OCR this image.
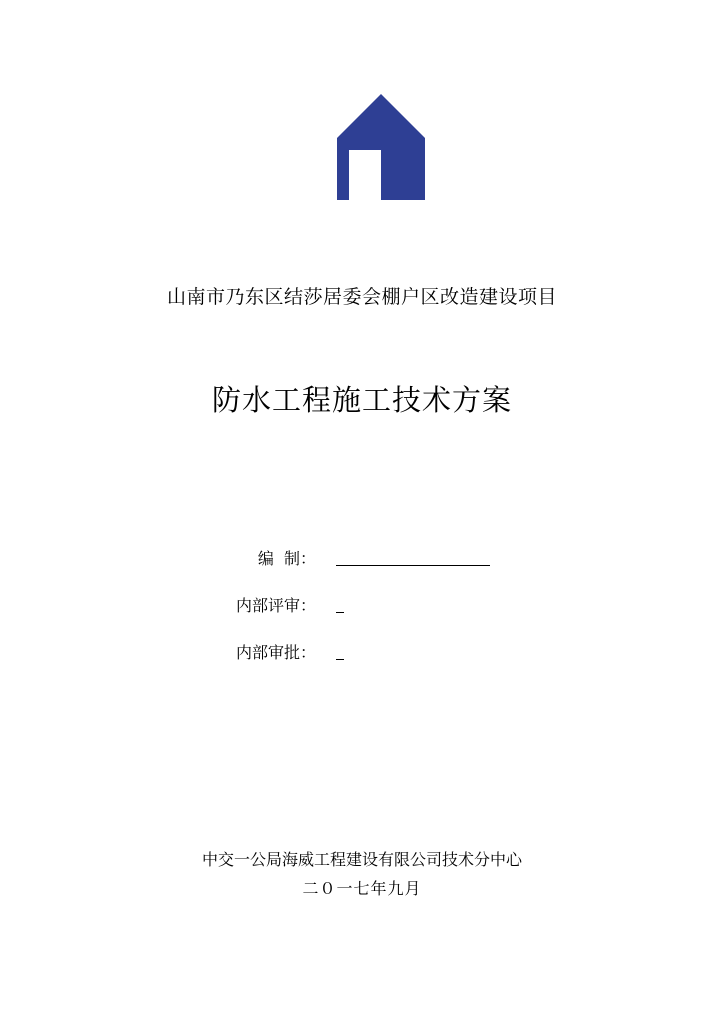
山南市乃东区结莎居委会棚户区改造建设项目
防水工程施工技术方案
编  制：
内部评审：
内部审批：
中交一公局海威工程建设有限公司技术分中心
二０一七年九月
